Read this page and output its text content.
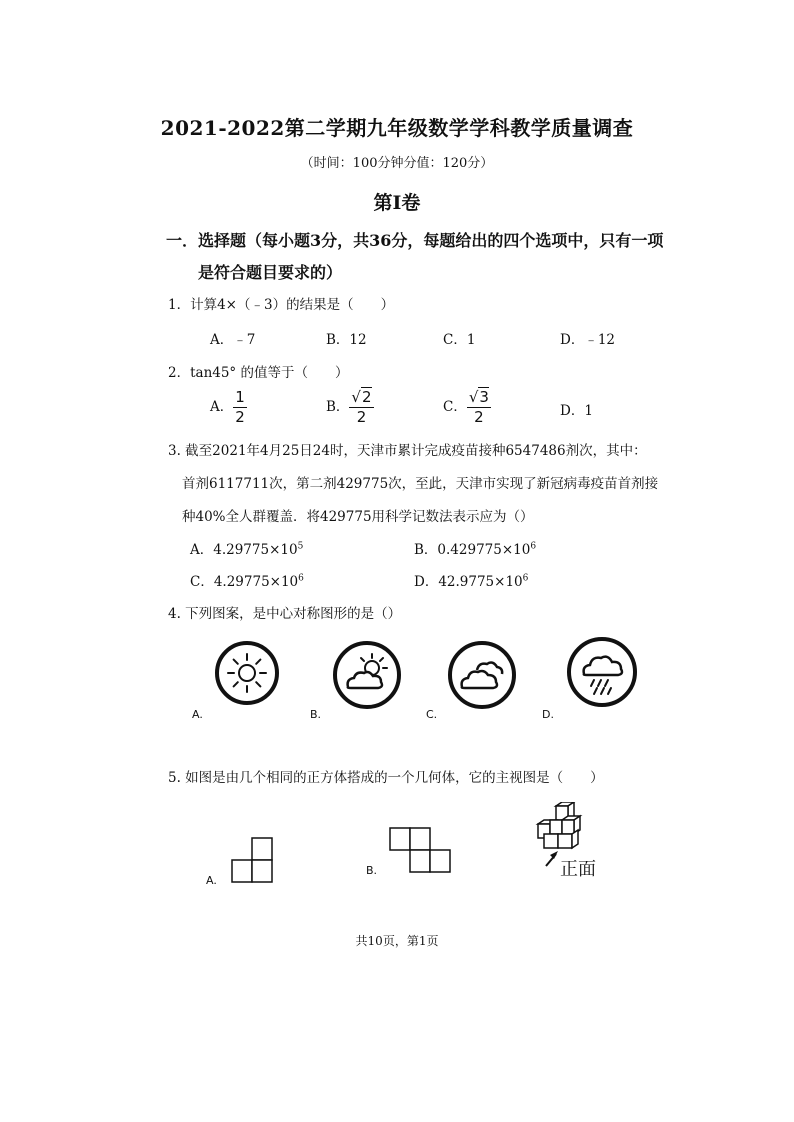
2021-2022第二学期九年级数学学科教学质量调查
（时间：100分钟分值：120分）
第Ⅰ卷
一．选择题（每小题3分，共36分，每题给出的四个选项中，只有一项
是符合题目要求的）
1．计算4×（﹣3）的结果是（　　）
A．﹣7	B．12	C．1	D．﹣12
2．tan45° 的值等于（　　）
A． $\frac{1}{2}$	B． $\frac{√2}{2}$	C． $\frac{√3}{2}$	D．1
3. 截至2021年4月25日24时，天津市累计完成疫苗接种6547486剂次，其中：
首剂6117711次，第二剂429775次，至此，天津市实现了新冠病毒疫苗首剂接
种40%全人群覆盖．将429775用科学记数法表示应为（）
A．$4.29775\times 10^5$	B．$0.429775\times 10^6$
C．$4.29775\times 10^6$	D．$42.9775\times 10^6$
4. 下列图案，是中心对称图形的是（）
A.	B.	C.	D.
5. 如图是由几个相同的正方体搭成的一个几何体，它的主视图是（　　）
A.
B.	正面
共10页，第1页
